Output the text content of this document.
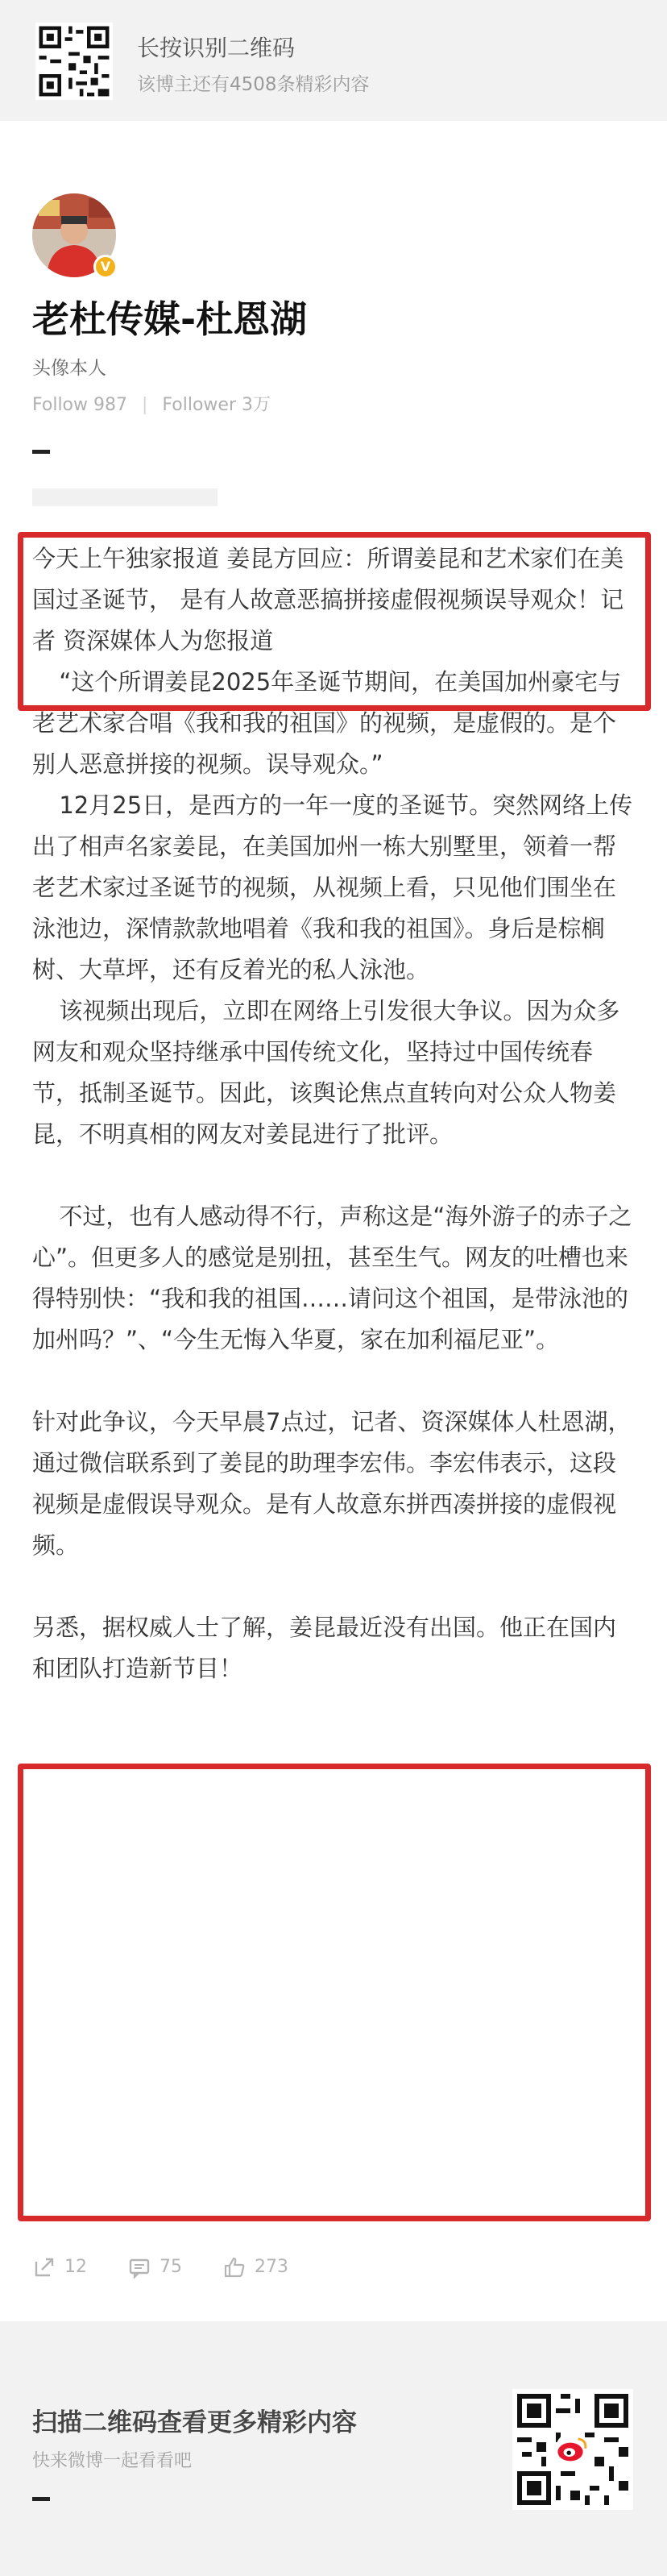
长按识别二维码
该博主还有4508条精彩内容
V
老杜传媒-杜恩湖
头像本人
Follow 987 | Follower 3万

今天上午独家报道 姜昆方回应：所谓姜昆和艺术家们在美国过圣诞节， 是有人故意恶搞拼接虚假视频误导观众！记者 资深媒体人为您报道

“这个所谓姜昆2025年圣诞节期间，在美国加州豪宅与老艺术家合唱《我和我的祖国》的视频，是虚假的。是个别人恶意拼接的视频。误导观众。”

12月25日，是西方的一年一度的圣诞节。突然网络上传出了相声名家姜昆，在美国加州一栋大别墅里，领着一帮老艺术家过圣诞节的视频，从视频上看，只见他们围坐在泳池边，深情款款地唱着《我和我的祖国》。身后是棕榈树、大草坪，还有反着光的私人泳池。

该视频出现后，立即在网络上引发很大争议。因为众多网友和观众坚持继承中国传统文化，坚持过中国传统春节，抵制圣诞节。因此，该舆论焦点直转向对公众人物姜昆，不明真相的网友对姜昆进行了批评。

不过，也有人感动得不行，声称这是“海外游子的赤子之心”。但更多人的感觉是别扭，甚至生气。网友的吐槽也来得特别快：“我和我的祖国……请问这个祖国，是带泳池的加州吗？”、“今生无悔入华夏，家在加利福尼亚”。

针对此争议，今天早晨7点过，记者、资深媒体人杜恩湖，通过微信联系到了姜昆的助理李宏伟。李宏伟表示，这段视频是虚假误导观众。是有人故意东拼西凑拼接的虚假视频。

另悉，据权威人士了解，姜昆最近没有出国。他正在国内和团队打造新节目！

12	75	273
扫描二维码查看更多精彩内容
快来微博一起看看吧
